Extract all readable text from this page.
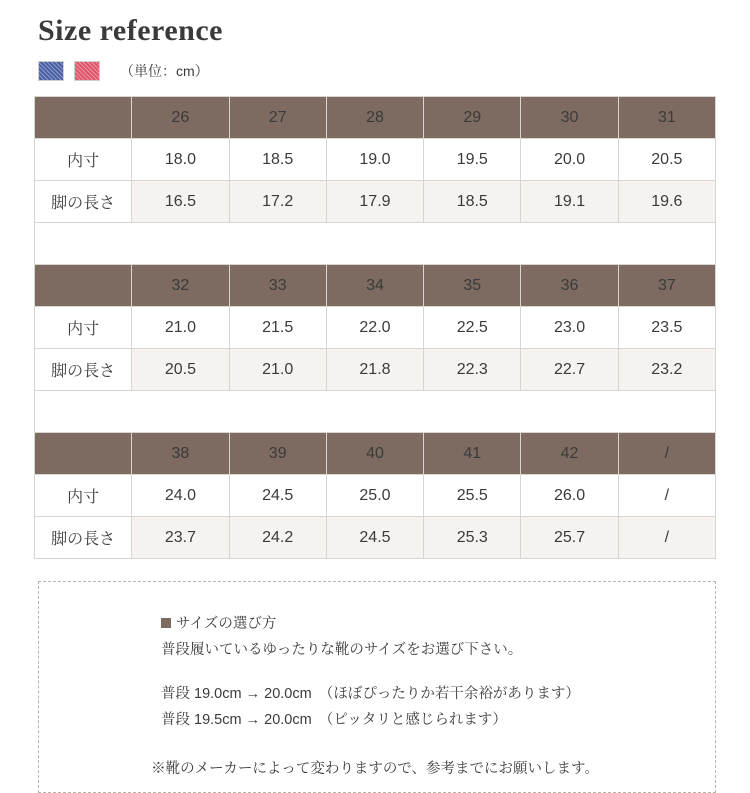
Size reference
（単位：cm）
	26	27	28	29	30	31
内寸	18.0	18.5	19.0	19.5	20.0	20.5
脚の長さ	16.5	17.2	17.9	18.5	19.1	19.6

	32	33	34	35	36	37
内寸	21.0	21.5	22.0	22.5	23.0	23.5
脚の長さ	20.5	21.0	21.8	22.3	22.7	23.2

	38	39	40	41	42	/
内寸	24.0	24.5	25.0	25.5	26.0	/
脚の長さ	23.7	24.2	24.5	25.3	25.7	/
サイズの選び方
普段履いているゆったりな靴のサイズをお選び下さい。
普段 19.0cm → 20.0cm　（ほぼぴったりか若干余裕があります）
普段 19.5cm → 20.0cm　（ピッタリと感じられます）
※靴のメーカーによって変わりますので、参考までにお願いします。
